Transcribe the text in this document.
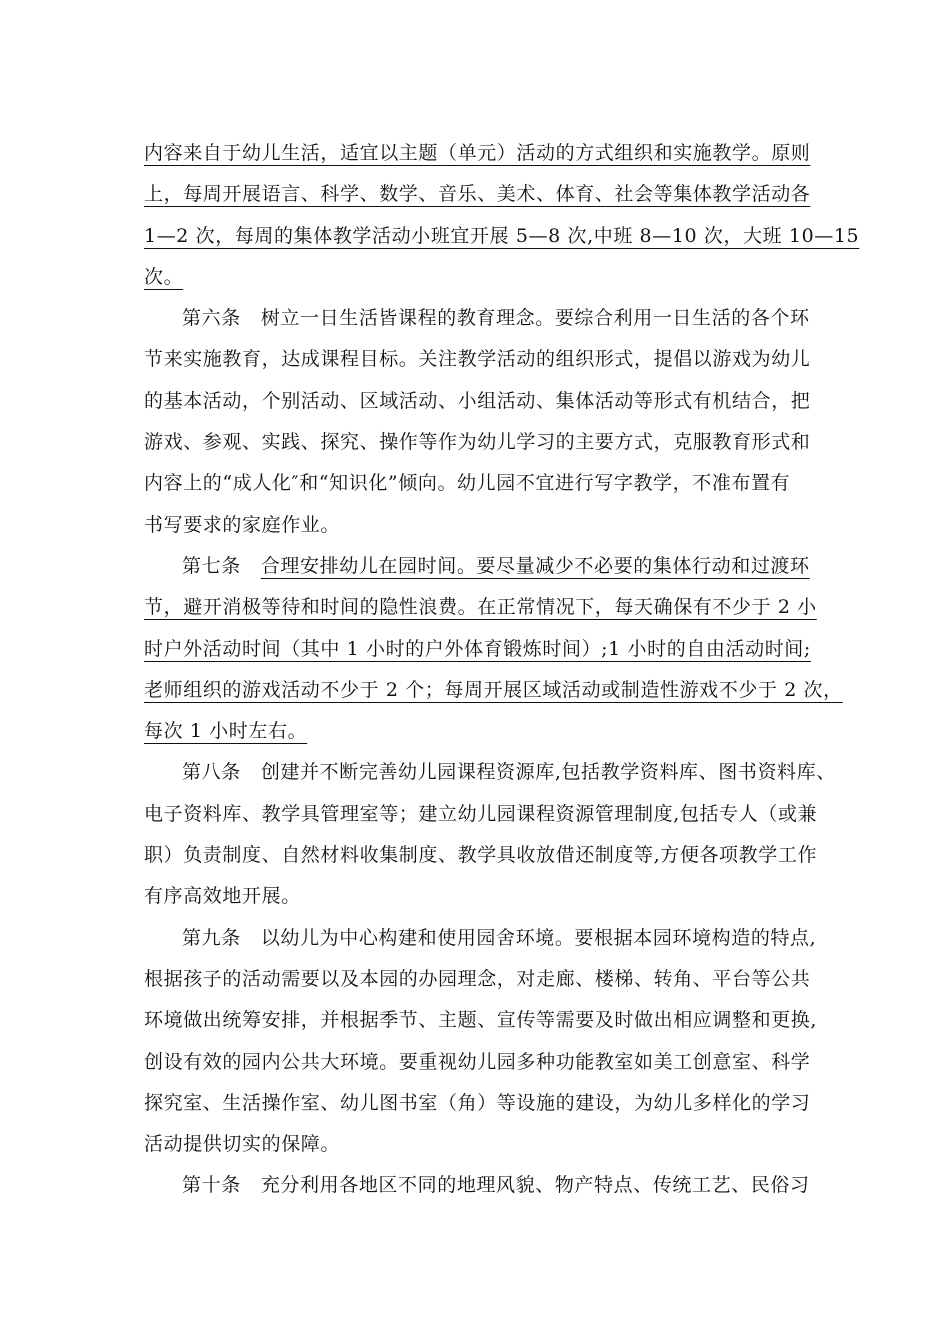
内容来自于幼儿生活，适宜以主题（单元）活动的方式组织和实施教学。原则
上，每周开展语言、科学、数学、音乐、美术、体育、社会等集体教学活动各
1—2 次，每周的集体教学活动小班宜开展 5—8 次,中班 8—10 次，大班 10—15
次。

第六条 树立一日生活皆课程的教育理念。要综合利用一日生活的各个环
节来实施教育，达成课程目标。关注教学活动的组织形式，提倡以游戏为幼儿
的基本活动，个别活动、区域活动、小组活动、集体活动等形式有机结合，把
游戏、参观、实践、探究、操作等作为幼儿学习的主要方式，克服教育形式和
内容上的“成人化″和“知识化”倾向。幼儿园不宜进行写字教学，不准布置有
书写要求的家庭作业。

第七条 合理安排幼儿在园时间。要尽量减少不必要的集体行动和过渡环
节，避开消极等待和时间的隐性浪费。在正常情况下，每天确保有不少于 2 小
时户外活动时间（其中 1 小时的户外体育锻炼时间）;1 小时的自由活动时间;
老师组织的游戏活动不少于 2 个；每周开展区域活动或制造性游戏不少于 2 次，
每次 1 小时左右。

第八条 创建并不断完善幼儿园课程资源库,包括教学资料库、图书资料库、
电子资料库、教学具管理室等；建立幼儿园课程资源管理制度,包括专人（或兼
职）负责制度、自然材料收集制度、教学具收放借还制度等,方便各项教学工作
有序高效地开展。

第九条 以幼儿为中心构建和使用园舍环境。要根据本园环境构造的特点,
根据孩子的活动需要以及本园的办园理念，对走廊、楼梯、转角、平台等公共
环境做出统筹安排，并根据季节、主题、宣传等需要及时做出相应调整和更换,
创设有效的园内公共大环境。要重视幼儿园多种功能教室如美工创意室、科学
探究室、生活操作室、幼儿图书室（角）等设施的建设，为幼儿多样化的学习
活动提供切实的保障。

第十条 充分利用各地区不同的地理风貌、物产特点、传统工艺、民俗习
